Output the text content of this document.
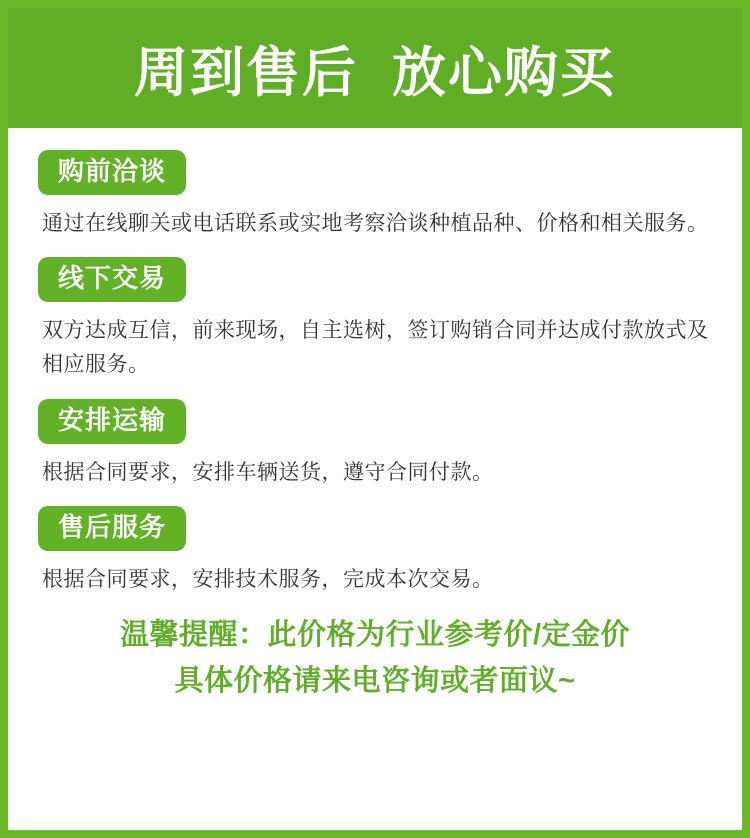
周到售后  放心购买
购前洽谈
通过在线聊关或电话联系或实地考察洽谈种植品种、价格和相关服务。
线下交易
双方达成互信，前来现场，自主选树，签订购销合同并达成付款放式及相应服务。
安排运输
根据合同要求，安排车辆送货，遵守合同付款。
售后服务
根据合同要求，安排技术服务，完成本次交易。
温馨提醒：此价格为行业参考价/定金价
具体价格请来电咨询或者面议~
